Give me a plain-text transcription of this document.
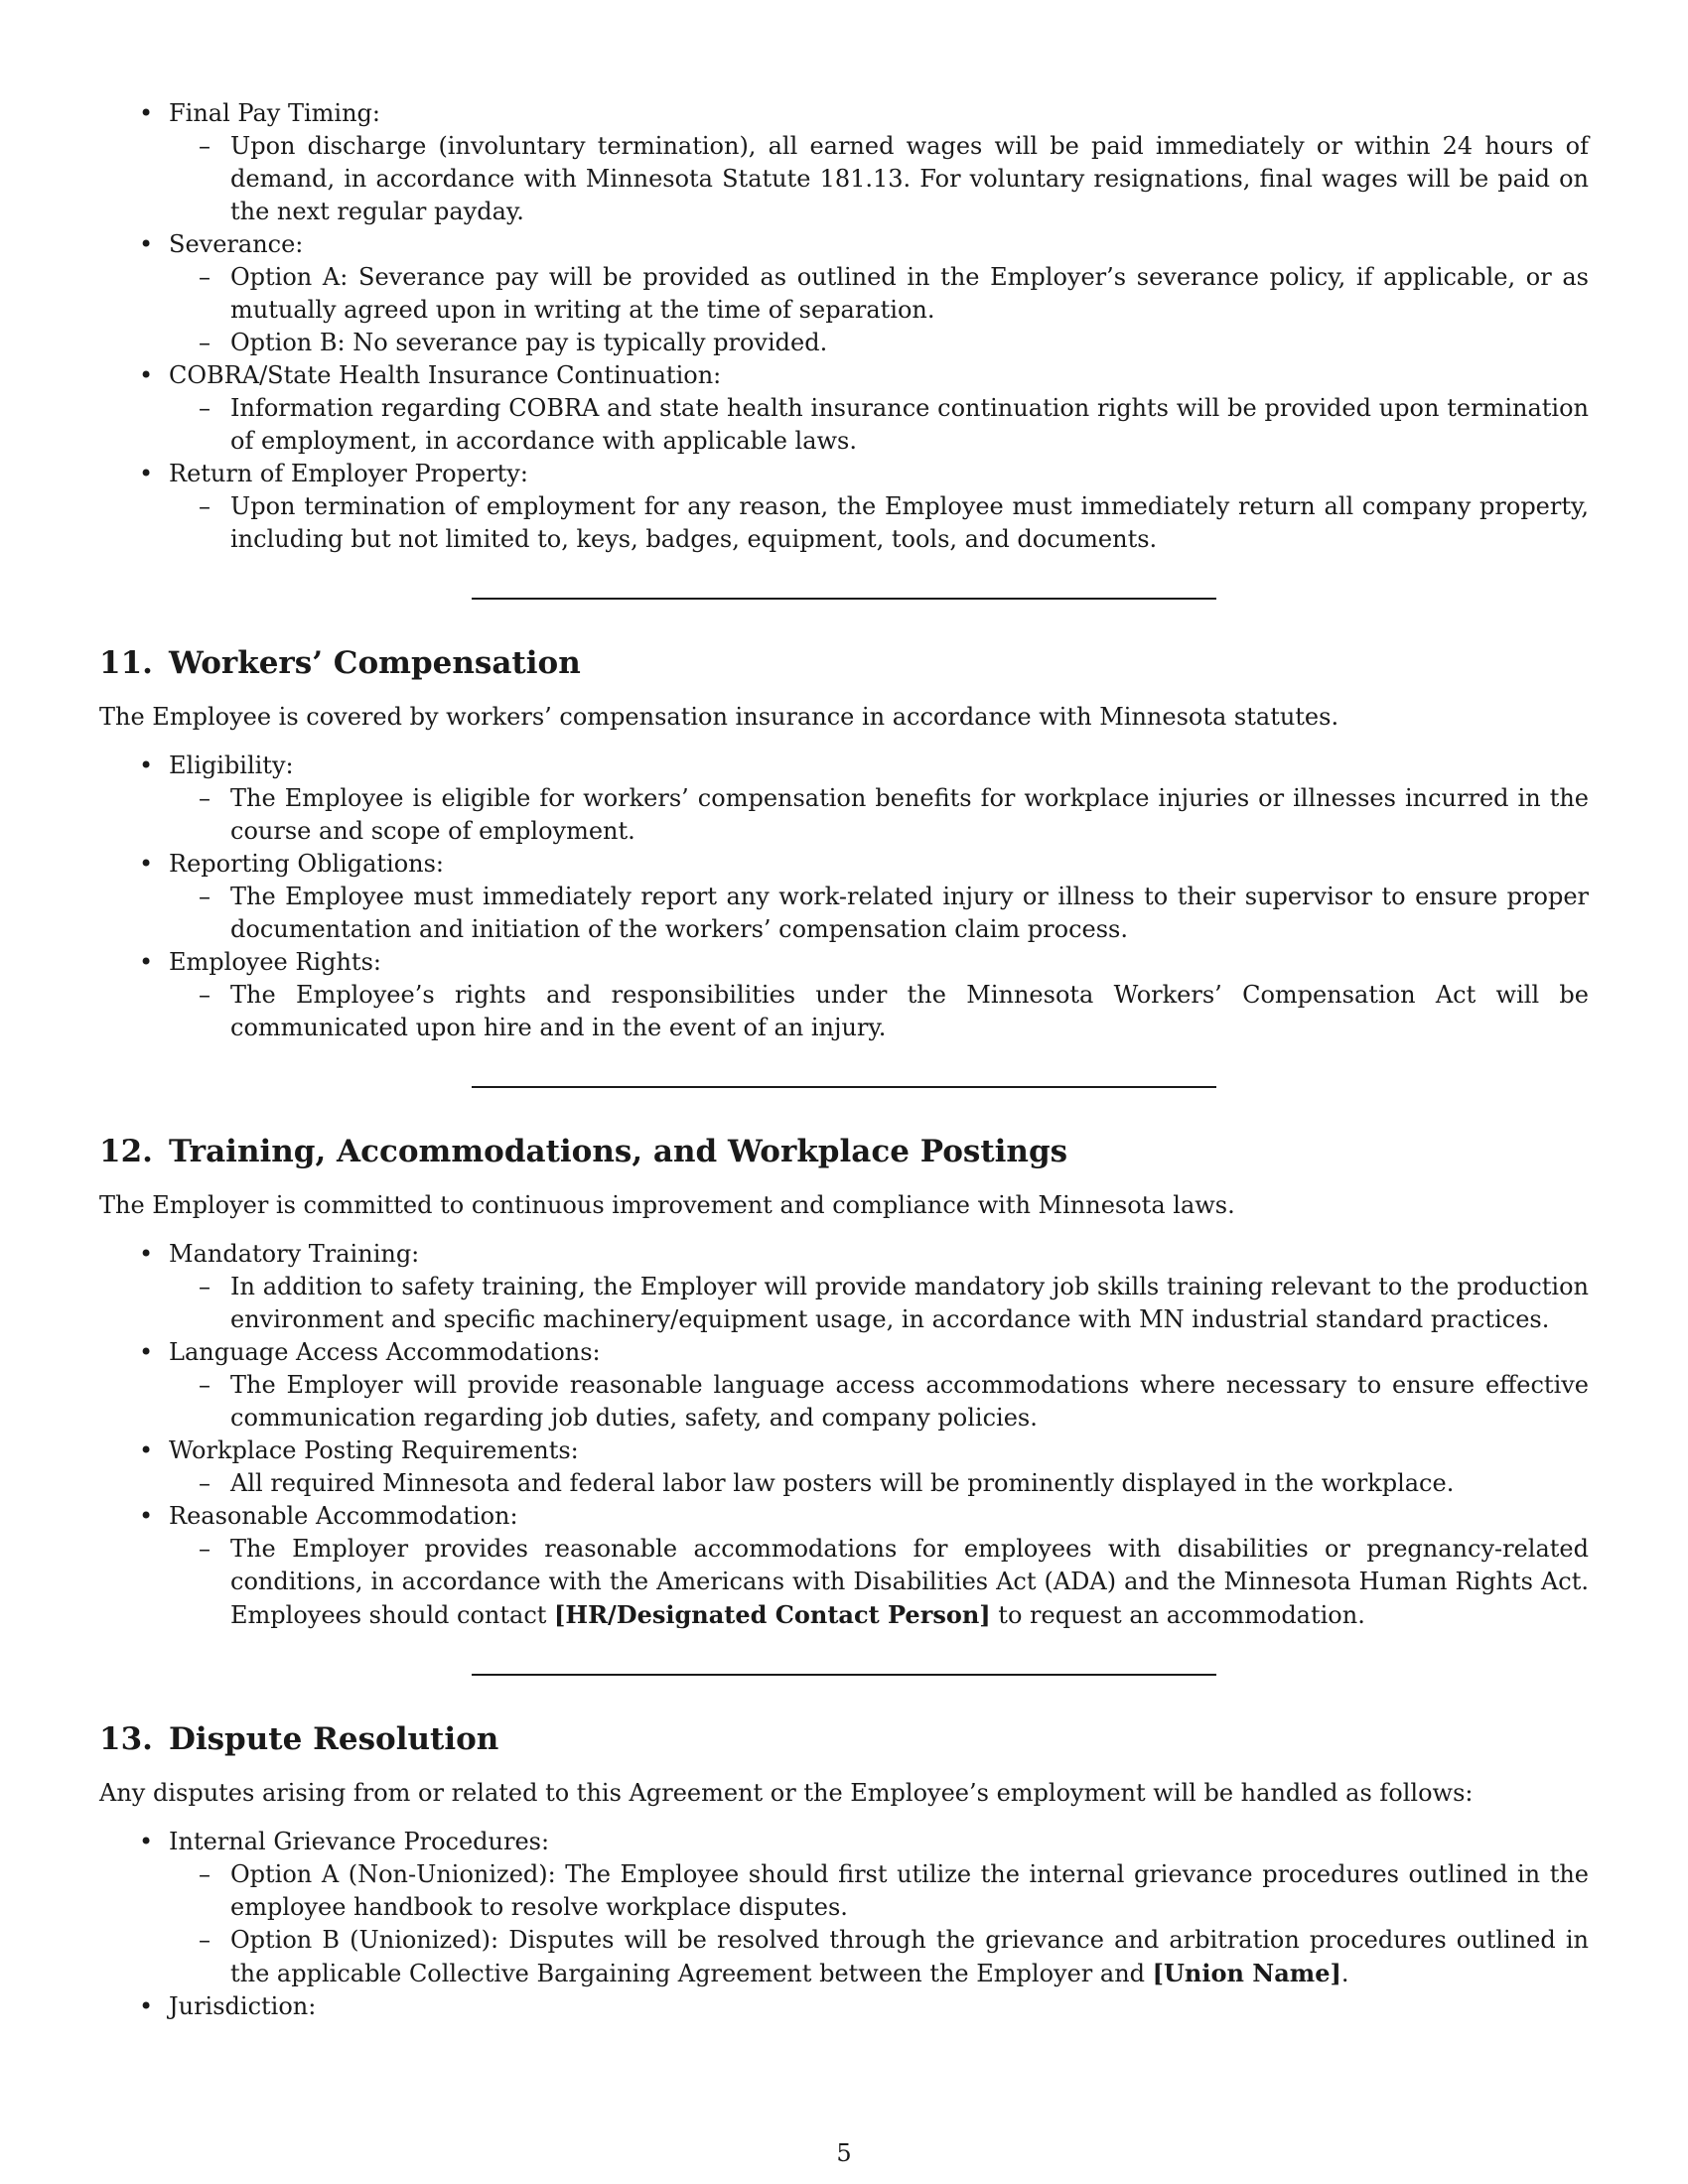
• Final Pay Timing:
– Upon discharge (involuntary termination), all earned wages will be paid immediately or within 24 hours of demand, in accordance with Minnesota Statute 181.13. For voluntary resignations, final wages will be paid on the next regular payday.
• Severance:
– Option A: Severance pay will be provided as outlined in the Employer’s severance policy, if applicable, or as mutually agreed upon in writing at the time of separation.
– Option B: No severance pay is typically provided.
• COBRA/State Health Insurance Continuation:
– Information regarding COBRA and state health insurance continuation rights will be provided upon termination of employment, in accordance with applicable laws.
• Return of Employer Property:
– Upon termination of employment for any reason, the Employee must immediately return all company property, including but not limited to, keys, badges, equipment, tools, and documents.
11. Workers’ Compensation

The Employee is covered by workers’ compensation insurance in accordance with Minnesota statutes.

• Eligibility:
– The Employee is eligible for workers’ compensation benefits for workplace injuries or illnesses incurred in the course and scope of employment.
• Reporting Obligations:
– The Employee must immediately report any work-related injury or illness to their supervisor to ensure proper documentation and initiation of the workers’ compensation claim process.
• Employee Rights:
– The Employee’s rights and responsibilities under the Minnesota Workers’ Compensation Act will be communicated upon hire and in the event of an injury.
12. Training, Accommodations, and Workplace Postings

The Employer is committed to continuous improvement and compliance with Minnesota laws.

• Mandatory Training:
– In addition to safety training, the Employer will provide mandatory job skills training relevant to the production environment and specific machinery/equipment usage, in accordance with MN industrial standard practices.
• Language Access Accommodations:
– The Employer will provide reasonable language access accommodations where necessary to ensure effective communication regarding job duties, safety, and company policies.
• Workplace Posting Requirements:
– All required Minnesota and federal labor law posters will be prominently displayed in the workplace.
• Reasonable Accommodation:
– The Employer provides reasonable accommodations for employees with disabilities or pregnancy-related conditions, in accordance with the Americans with Disabilities Act (ADA) and the Minnesota Human Rights Act. Employees should contact [HR/Designated Contact Person] to request an accommodation.
13. Dispute Resolution

Any disputes arising from or related to this Agreement or the Employee’s employment will be handled as follows:

• Internal Grievance Procedures:
– Option A (Non-Unionized): The Employee should first utilize the internal grievance procedures outlined in the employee handbook to resolve workplace disputes.
– Option B (Unionized): Disputes will be resolved through the grievance and arbitration procedures outlined in the applicable Collective Bargaining Agreement between the Employer and [Union Name].
• Jurisdiction:
5
